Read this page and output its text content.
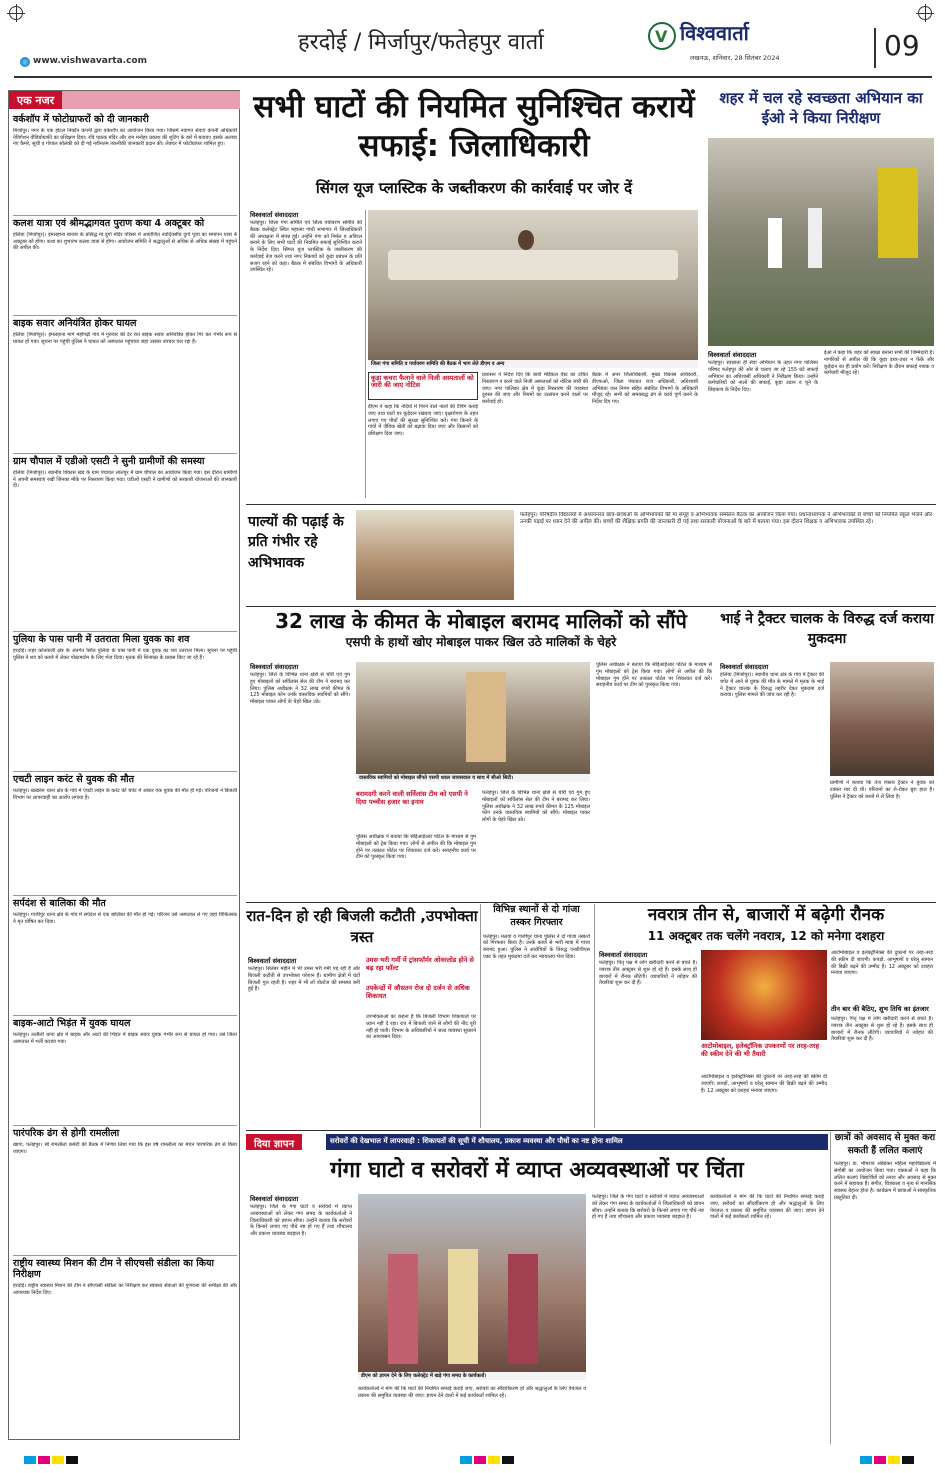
हरदोई / मिर्जापुर/फतेहपुर वार्ता	V विश्ववार्ता
लखनऊ, शनिवार, 28 सितंबर 2024	09
www.vishwavarta.com
एक नजर
वर्कशॉप में फोटोग्राफरों को दी जानकारी
मिर्जापुर। नगर के एक होटल निकॉन कंपनी द्वारा वर्कशॉप का आयोजन किया गया। जिसमें नवागत सेवाएं कंपनी अधिकारी नेविगेशन वीडियोग्राफी का प्रशिक्षण दिया। रवि पाठक मंदिर और राम मनोहर प्रकाश की शूटिंग के बारे में बताया। इसके अलावा नए कैमरे, सूची व गोपाल सोलंकी को दी गई नवीनतम तकनीकी जानकारी प्रदान की। लेक्चर में फोटोग्राफर शामिल हुए।
कलश यात्रा एवं श्रीमद्भागवत पुराण कथा 4 अक्टूबर को
हलिया (मिर्जापुर)। इमलहाना बाजार के प्रसिद्ध मां दुर्गा मंदिर परिसर में आयोजित नवदिवसीय दुर्गा पूजा का समापन यात्रा 4 अक्टूबर को होगा। कथा का शुभारंभ कलश यात्रा से होगा। आयोजन समिति ने श्रद्धालुओं से अधिक से अधिक संख्या में पहुंचने की अपील की।
बाइक सवार अनियंत्रित होकर घायल
हलिया (मिर्जापुर)। इमलहाना मार्ग महोगढ़ी गांव में गुरुवार की देर रात बाइक सवार अनियंत्रित होकर गिर कर गंभीर रूप से घायल हो गया। सूचना पर पहुंची पुलिस ने घायल को अस्पताल पहुंचाया जहां उसका उपचार चल रहा है।
ग्राम चौपाल में एडीओ एसटी ने सुनी ग्रामीणों की समस्या
हलिया (मिर्जापुर)। स्थानीय विकास खंड के ग्राम पंचायत लालपुर में ग्राम चौपाल का आयोजन किया गया। इस दौरान ग्रामीणों ने अपनी समस्याएं रखीं जिनका मौके पर निस्तारण किया गया। एडीओ एसटी ने ग्रामीणों को सरकारी योजनाओं की जानकारी दी।
पुलिया के पास पानी में उतराता मिला युवक का शव
हरदोई। शहर कोतवाली क्षेत्र के अंतर्गत स्थित पुलिया के पास पानी में एक युवक का शव उतराता मिला। सूचना पर पहुंची पुलिस ने शव को कब्जे में लेकर पोस्टमार्टम के लिए भेज दिया। मृतक की शिनाख्त के प्रयास किए जा रहे हैं।
एचटी लाइन करंट से युवक की मौत
फतेहपुर। खखरेरू थाना क्षेत्र के गांव में एचटी लाइन के करंट की चपेट में आकर एक युवक की मौत हो गई। परिजनों ने बिजली विभाग पर लापरवाही का आरोप लगाया है।
सर्पदंश से बालिका की मौत
फतेहपुर। गाजीपुर थाना क्षेत्र के गांव में सर्पदंश से एक बालिका की मौत हो गई। परिजन उसे अस्पताल ले गए जहां चिकित्सक ने मृत घोषित कर दिया।
बाइक-आटो भिड़ंत में युवक घायल
फतेहपुर। ललौली थाना क्षेत्र में बाइक और आटो की भिड़ंत में बाइक सवार युवक गंभीर रूप से घायल हो गया। उसे जिला अस्पताल में भर्ती कराया गया।
पारंपरिक ढंग से होगी रामलीला
खागा, फतेहपुर। श्री रामलीला कमेटी की बैठक में निर्णय लिया गया कि इस वर्ष रामलीला का मंचन पारंपरिक ढंग से किया जाएगा।
राष्ट्रीय स्वास्थ्य मिशन की टीम ने सीएचसी संडीला का किया निरीक्षण
हरदोई। राष्ट्रीय स्वास्थ्य मिशन की टीम ने सीएचसी संडीला का निरीक्षण कर स्वास्थ्य सेवाओं की गुणवत्ता की समीक्षा की और आवश्यक निर्देश दिए।
सभी घाटों की नियमित सुनिश्चित करायें सफाई: जिलाधिकारी
सिंगल यूज प्लास्टिक के जब्तीकरण की कार्रवाई पर जोर दें
विश्ववार्ता संवाददाता
फतेहपुर। जिला गंगा समिति एवं जिला पर्यावरण समिति की बैठक कलेक्ट्रेट स्थित महात्मा गांधी सभागार में जिलाधिकारी की अध्यक्षता में संपन्न हुई। उन्होंने गंगा को निर्मल व अविरल बनाने के लिए सभी घाटों की नियमित सफाई सुनिश्चित कराने के निर्देश दिए। सिंगल यूज प्लास्टिक के जब्तीकरण की कार्रवाई तेज करने तथा नगर निकायों को कूड़ा प्रबंधन के प्रति सजग रहने को कहा। बैठक में संबंधित विभागों के अधिकारी उपस्थित रहे।
जिला गंगा समिति व पर्यावरण समिति की बैठक में भाग लेते डीएम व अन्य
कूड़ा कचरा फैलाने वाले निजी अस्पतालों को जारी की जाए नोटिस
डीएम ने कहा कि नदियों में गिरने वाले नालों की टैपिंग कराई जाए तथा घाटों पर कूड़ेदान रखवाए जाएं। वृक्षारोपण के तहत लगाए गए पौधों की सुरक्षा सुनिश्चित करें। गंगा किनारे के गांवों में जैविक खेती को बढ़ावा दिया जाए और किसानों को प्रशिक्षण दिया जाए।
प्रशासन ने निर्देश दिए कि बायो मेडिकल वेस्ट का उचित निस्तारण न करने वाले निजी अस्पतालों को नोटिस जारी की जाए। नगर पालिका क्षेत्र में कूड़ा निस्तारण की व्यवस्था दुरुस्त की जाए और नियमों का उल्लंघन करने वालों पर कार्रवाई हो।
बैठक में अपर जिलाधिकारी, मुख्य विकास अधिकारी, डीएफओ, जिला पंचायत राज अधिकारी, अधिशासी अभियंता जल निगम सहित संबंधित विभागों के अधिकारी मौजूद रहे। सभी को समयबद्ध ढंग से कार्य पूर्ण करने के निर्देश दिए गए।
शहर में चल रहे स्वच्छता अभियान का ईओ ने किया निरीक्षण
विश्ववार्ता संवाददाता
फतेहपुर। स्वच्छता ही सेवा अभियान के तहत नगर पालिका परिषद फतेहपुर की ओर से चलाए जा रहे 155 घंटे सफाई अभियान का अधिशासी अधिकारी ने निरीक्षण किया। उन्होंने कर्मचारियों को नालों की सफाई, कूड़ा उठान व चूने के छिड़काव के निर्देश दिए।
ईओ ने कहा कि शहर को स्वच्छ बनाना सभी की जिम्मेदारी है। नागरिकों से अपील की कि कूड़ा इधर-उधर न फेंकें और कूड़ेदान का ही प्रयोग करें। निरीक्षण के दौरान सफाई नायक व कर्मचारी मौजूद रहे।
पाल्यों की पढ़ाई के प्रति गंभीर रहे अभिभावक
फतेहपुर। परिषदीय विद्यालयों में अध्ययनरत छात्र-छात्राओं के अभिभावकों की मां समूह व अभिभावक सम्मेलन बैठक का आयोजन किया गया। प्रधानाध्यापक ने अभिभावकों से बच्चों को नियमित स्कूल भेजने और उनकी पढ़ाई पर ध्यान देने की अपील की। बच्चों की शैक्षिक प्रगति की जानकारी दी गई तथा सरकारी योजनाओं के बारे में बताया गया। इस दौरान शिक्षक व अभिभावक उपस्थित रहे।
32 लाख के कीमत के मोबाइल बरामद मालिकों को सौंपे
एसपी के हाथों खोए मोबाइल पाकर खिल उठे मालिकों के चेहरे
विश्ववार्ता संवाददाता
फतेहपुर। जिले के विभिन्न थाना क्षेत्रों से चोरी एवं गुम हुए मोबाइलों को सर्विलांस सेल की टीम ने बरामद कर लिया। पुलिस अधीक्षक ने 32 लाख रुपये कीमत के 125 मोबाइल फोन उनके वास्तविक स्वामियों को सौंपे। मोबाइल पाकर लोगों के चेहरे खिल उठे।
वास्तविक स्वामियों को मोबाइल सौंपते एसपी धवल जायसवाल व साथ में सीओ सिटी।
बरामदगी करने वाली सर्विलांस टीम को एसपी ने दिया पच्चीस हजार का इनाम
पुलिस अधीक्षक ने बताया कि सीईआईआर पोर्टल के माध्यम से गुम मोबाइलों को ट्रेस किया गया। लोगों से अपील की कि मोबाइल गुम होने पर तत्काल पोर्टल पर शिकायत दर्ज करें। सराहनीय कार्य पर टीम को पुरस्कृत किया गया।
फतेहपुर। जिले के विभिन्न थाना क्षेत्रों से चोरी एवं गुम हुए मोबाइलों को सर्विलांस सेल की टीम ने बरामद कर लिया। पुलिस अधीक्षक ने 32 लाख रुपये कीमत के 125 मोबाइल फोन उनके वास्तविक स्वामियों को सौंपे। मोबाइल पाकर लोगों के चेहरे खिल उठे।
पुलिस अधीक्षक ने बताया कि सीईआईआर पोर्टल के माध्यम से गुम मोबाइलों को ट्रेस किया गया। लोगों से अपील की कि मोबाइल गुम होने पर तत्काल पोर्टल पर शिकायत दर्ज करें। सराहनीय कार्य पर टीम को पुरस्कृत किया गया।
भाई ने ट्रैक्टर चालक के विरुद्ध दर्ज कराया मुकदमा
विश्ववार्ता संवाददाता
हलिया (मिर्जापुर)। स्थानीय थाना क्षेत्र के गांव में ट्रैक्टर की चपेट में आने से युवक की मौत के मामले में मृतक के भाई ने ट्रैक्टर चालक के विरुद्ध तहरीर देकर मुकदमा दर्ज कराया। पुलिस मामले की जांच कर रही है।
ग्रामीणों ने बताया कि तेज रफ्तार ट्रैक्टर ने युवक को टक्कर मार दी थी। परिजनों का रो-रोकर बुरा हाल है। पुलिस ने ट्रैक्टर को कब्जे में ले लिया है।
रात-दिन हो रही बिजली कटौती ,उपभोक्ता त्रस्त
विश्ववार्ता संवाददाता
फतेहपुर। सितंबर महीने में भी उमस भरी गर्मी पड़ रही है और बिजली कटौती से उपभोक्ता परेशान हैं। ग्रामीण क्षेत्रों में घंटों बिजली गुल रहती है। शहर में भी लो वोल्टेज की समस्या बनी हुई है।
उमस भरी गर्मी में ट्रांसफॉर्मर ओवरलोड होने से बढ़ रहा फॉल्ट
उपकेन्द्रों में औसतन रोज दो दर्जन से अधिक शिकायत
उपभोक्ताओं का कहना है कि बिजली विभाग शिकायतों पर ध्यान नहीं दे रहा। रात में बिजली जाने से लोगों की नींद पूरी नहीं हो पाती। विभाग के अधिकारियों ने जल्द व्यवस्था सुधारने का आश्वासन दिया।
विभिन्न स्थानों से दो गांजा तस्कर गिरफ्तार
फतेहपुर। मलवां व गाजीपुर थाना पुलिस ने दो गांजा तस्करों को गिरफ्तार किया है। उनके कब्जे से भारी मात्रा में गांजा बरामद हुआ। पुलिस ने आरोपियों के विरुद्ध एनडीपीएस एक्ट के तहत मुकदमा दर्ज कर न्यायालय भेज दिया।
नवरात्र तीन से, बाजारों में बढ़ेगी रौनक
11 अक्टूबर तक चलेंगे नवरात्र, 12 को मनेगा दशहरा
विश्ववार्ता संवाददाता
फतेहपुर। पितृ पक्ष में लोग खरीदारी करने से बचते हैं। नवरात्र तीन अक्टूबर से शुरू हो रहे हैं। इसके साथ ही बाजारों में रौनक लौटेगी। व्यापारियों ने त्योहार की तैयारियां शुरू कर दी हैं।
आटोमोबाइल, इलेक्ट्रॉनिक उपकरणों पर तरह-तरह की स्कीम देने की भी तैयारी
आटोमोबाइल व इलेक्ट्रॉनिक्स की दुकानों पर तरह-तरह की स्कीम दी जाएगी। कपड़ों, आभूषणों व घरेलू सामान की बिक्री बढ़ने की उम्मीद है। 12 अक्टूबर को दशहरा मनाया जाएगा।
आटोमोबाइल व इलेक्ट्रॉनिक्स की दुकानों पर तरह-तरह की स्कीम दी जाएगी। कपड़ों, आभूषणों व घरेलू सामान की बिक्री बढ़ने की उम्मीद है। 12 अक्टूबर को दशहरा मनाया जाएगा।
तीन बार की बैठिए, शुभ तिथि का इंतजार
फतेहपुर। पितृ पक्ष में लोग खरीदारी करने से बचते हैं। नवरात्र तीन अक्टूबर से शुरू हो रहे हैं। इसके साथ ही बाजारों में रौनक लौटेगी। व्यापारियों ने त्योहार की तैयारियां शुरू कर दी हैं।
दिया ज्ञापन	सरोवरों की देखभाल में लापरवाही : शिकायतों की सूची में शौचालय, प्रकाश व्यवस्था और पौधों का नष्ट होना शामिल
गंगा घाटो व सरोवरों में व्याप्त अव्यवस्थाओं पर चिंता
विश्ववार्ता संवाददाता
फतेहपुर। जिले के गंगा घाटों व सरोवरों में व्याप्त अव्यवस्थाओं को लेकर गंगा समग्र के कार्यकर्ताओं ने जिलाधिकारी को ज्ञापन सौंपा। उन्होंने बताया कि सरोवरों के किनारे लगाए गए पौधे नष्ट हो गए हैं तथा शौचालय और प्रकाश व्यवस्था बदहाल है।
डीएम को ज्ञापन देने के लिए कलेक्ट्रेट में खड़े गंगा समग्र के कार्यकर्ता।
कार्यकर्ताओं ने मांग की कि घाटों की नियमित सफाई कराई जाए, सरोवरों का सौंदर्यीकरण हो और श्रद्धालुओं के लिए पेयजल व प्रकाश की समुचित व्यवस्था की जाए। ज्ञापन देने वालों में कई कार्यकर्ता शामिल रहे।
फतेहपुर। जिले के गंगा घाटों व सरोवरों में व्याप्त अव्यवस्थाओं को लेकर गंगा समग्र के कार्यकर्ताओं ने जिलाधिकारी को ज्ञापन सौंपा। उन्होंने बताया कि सरोवरों के किनारे लगाए गए पौधे नष्ट हो गए हैं तथा शौचालय और प्रकाश व्यवस्था बदहाल है।
कार्यकर्ताओं ने मांग की कि घाटों की नियमित सफाई कराई जाए, सरोवरों का सौंदर्यीकरण हो और श्रद्धालुओं के लिए पेयजल व प्रकाश की समुचित व्यवस्था की जाए। ज्ञापन देने वालों में कई कार्यकर्ता शामिल रहे।
छात्रों को अवसाद से मुक्त करा सकती हैं ललित कलाएं
फतेहपुर। डा. भीमराव अंबेडकर महिला महाविद्यालय में संगोष्ठी का आयोजन किया गया। वक्ताओं ने कहा कि ललित कलाएं विद्यार्थियों को तनाव और अवसाद से मुक्त करने में सहायक हैं। संगीत, चित्रकला व नृत्य से मानसिक स्वास्थ्य बेहतर होता है। कार्यक्रम में छात्राओं ने सांस्कृतिक प्रस्तुतियां दीं।
